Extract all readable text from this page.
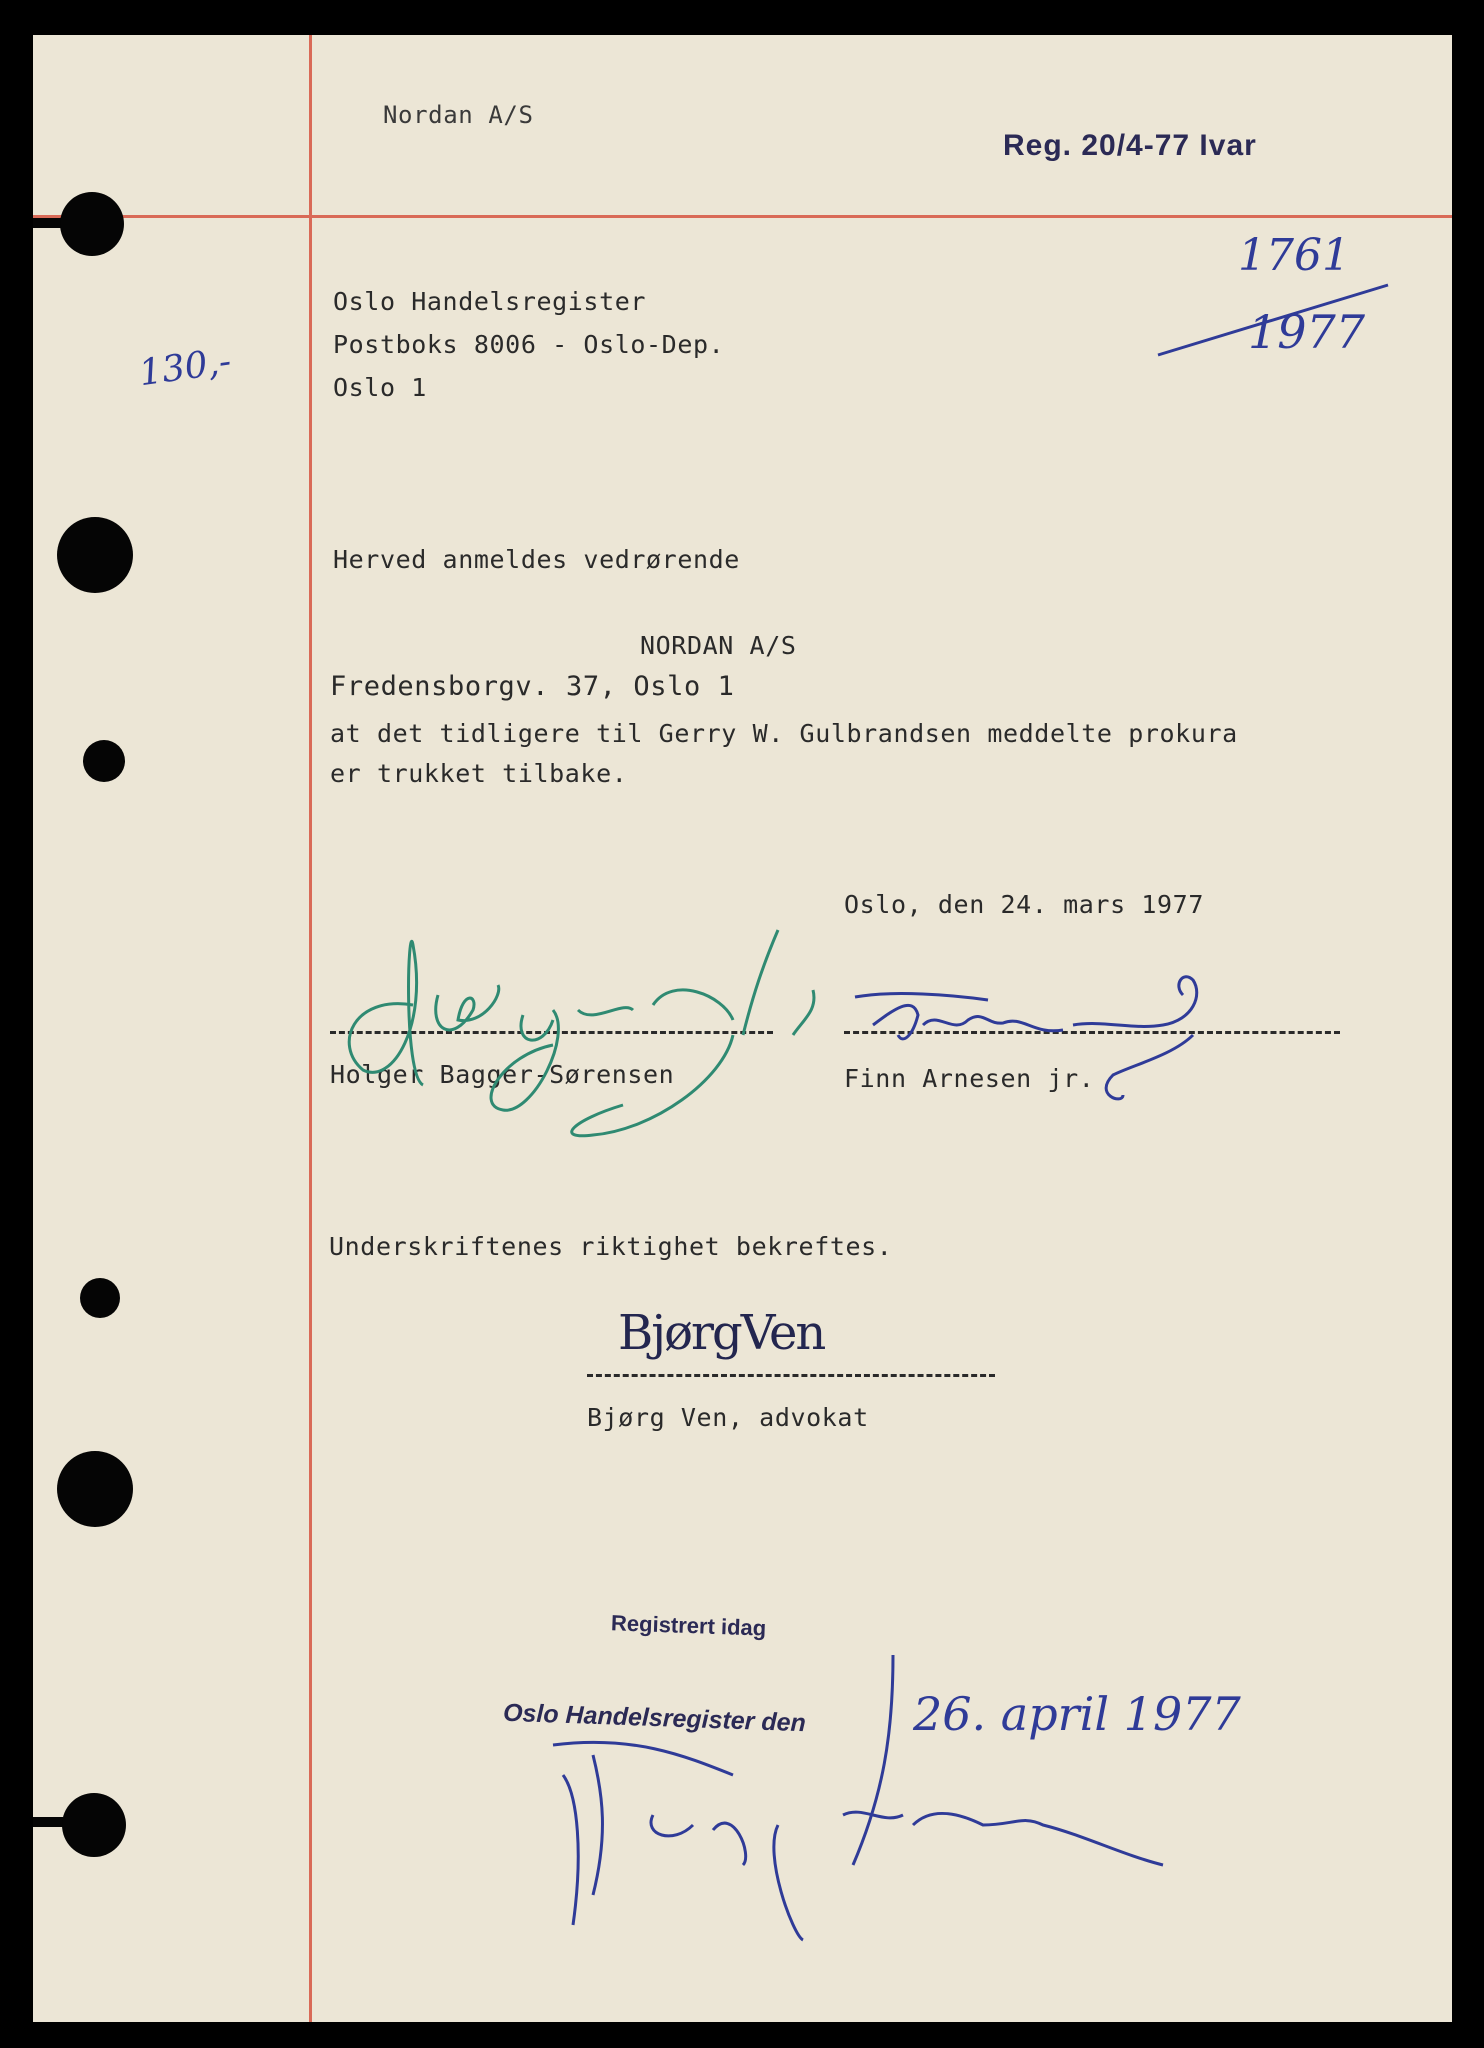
Nordan A/S
Oslo Handelsregister
Postboks 8006 - Oslo-Dep.
Oslo 1
Herved anmeldes vedrørende
NORDAN A/S
Fredensborgv. 37, Oslo 1
at det tidligere til Gerry W. Gulbrandsen meddelte prokura
er trukket tilbake.
Oslo, den 24. mars 1977
Holger Bagger-Sørensen	Finn Arnesen jr.
Underskriftenes riktighet bekreftes.
Bjørg Ven, advokat
Reg. 20/4-77 Ivar
Registrert idag
Oslo Handelsregister den
1761
1977
130,-
BjørgVen
26. april 1977
